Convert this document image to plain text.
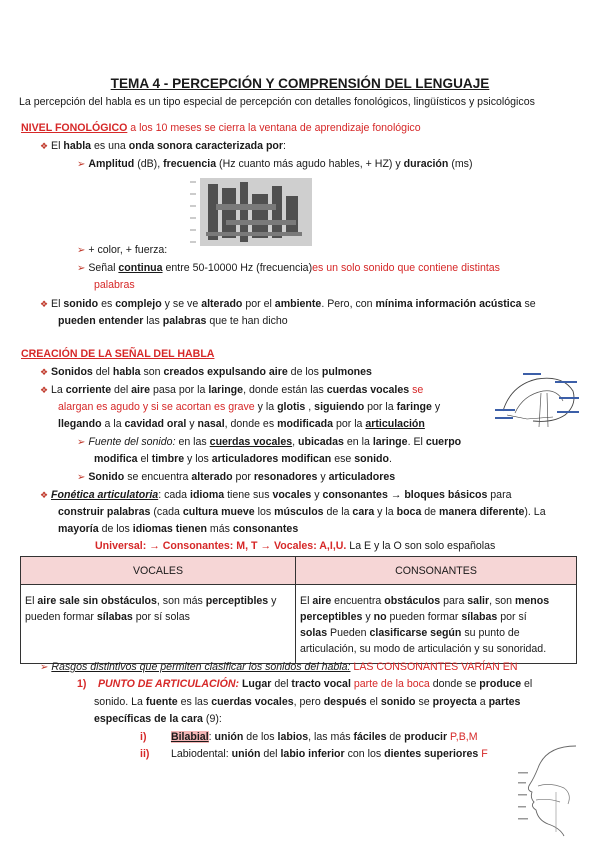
TEMA 4 - PERCEPCIÓN Y COMPRENSIÓN DEL LENGUAJE
La percepción del habla es un tipo especial de percepción con detalles fonológicos, lingüísticos y psicológicos
NIVEL FONOLÓGICO a los 10 meses se cierra la ventana de aprendizaje fonológico
❖ El habla es una onda sonora caracterizada por:
➢ Amplitud (dB), frecuencia (Hz cuanto más agudo hables, + HZ) y duración (ms)
➢ + color, + fuerza:
➢ Señal continua entre 50-10000 Hz (frecuencia)es un solo sonido que contiene distintas
palabras
❖ El sonido es complejo y se ve alterado por el ambiente. Pero, con mínima información acústica se
pueden entender las palabras que te han dicho
CREACIÓN DE LA SEÑAL DEL HABLA
❖ Sonidos del habla son creados expulsando aire de los pulmones
❖ La corriente del aire pasa por la laringe, donde están las cuerdas vocales se
alargan es agudo y si se acortan es grave y la glotis , siguiendo por la faringe y
llegando a la cavidad oral y nasal, donde es modificada por la articulación
➢ Fuente del sonido: en las cuerdas vocales, ubicadas en la laringe. El cuerpo
modifica el timbre y los articuladores modifican ese sonido.
➢ Sonido se encuentra alterado por resonadores y articuladores
❖ Fonética articulatoria: cada idioma tiene sus vocales y consonantes → bloques básicos para
construir palabras (cada cultura mueve los músculos de la cara y la boca de manera diferente). La
mayoría de los idiomas tienen más consonantes
Universal: → Consonantes: M, T → Vocales: A,I,U. La E y la O son solo españolas
VOCALES	CONSONANTES
El aire sale sin obstáculos, son más perceptibles y
pueden formar sílabas por sí solas	El aire encuentra obstáculos para salir, son menos
perceptibles y no pueden formar sílabas por sí
solas Pueden clasificarse según su punto de
articulación, su modo de articulación y su sonoridad.
➢ Rasgos distintivos que permiten clasificar los sonidos del habla: LAS CONSONANTES VARÍAN EN
1) PUNTO DE ARTICULACIÓN: Lugar del tracto vocal parte de la boca donde se produce el
sonido. La fuente es las cuerdas vocales, pero después el sonido se proyecta a partes
específicas de la cara (9):
i) Bilabial: unión de los labios, las más fáciles de producir P,B,M
ii) Labiodental: unión del labio inferior con los dientes superiores F
